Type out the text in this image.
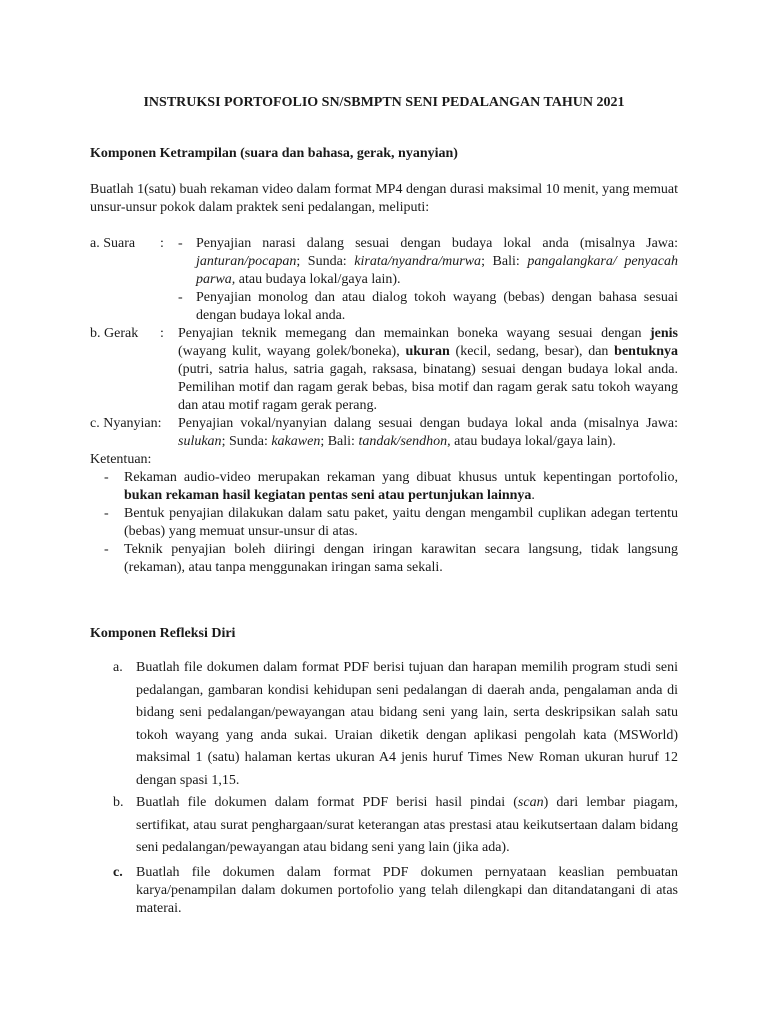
INSTRUKSI PORTOFOLIO SN/SBMPTN SENI PEDALANGAN TAHUN 2021
Komponen Ketrampilan (suara dan bahasa, gerak, nyanyian)
Buatlah 1(satu) buah rekaman video dalam format MP4 dengan durasi maksimal 10 menit, yang memuat unsur-unsur pokok dalam praktek seni pedalangan, meliputi:
a. Suara	:	- Penyajian narasi dalang sesuai dengan budaya lokal anda (misalnya Jawa: janturan/pocapan; Sunda: kirata/nyandra/murwa; Bali: pangalangkara/ penyacah parwa, atau budaya lokal/gaya lain).
- Penyajian monolog dan atau dialog tokoh wayang (bebas) dengan bahasa sesuai dengan budaya lokal anda.
b. Gerak	:	Penyajian teknik memegang dan memainkan boneka wayang sesuai dengan jenis (wayang kulit, wayang golek/boneka), ukuran (kecil, sedang, besar), dan bentuknya (putri, satria halus, satria gagah, raksasa, binatang) sesuai dengan budaya lokal anda. Pemilihan motif dan ragam gerak bebas, bisa motif dan ragam gerak satu tokoh wayang dan atau motif ragam gerak perang.
c. Nyanyian:	Penyajian vokal/nyanyian dalang sesuai dengan budaya lokal anda (misalnya Jawa: sulukan; Sunda: kakawen; Bali: tandak/sendhon, atau budaya lokal/gaya lain).
Ketentuan:
-	Rekaman audio-video merupakan rekaman yang dibuat khusus untuk kepentingan portofolio, bukan rekaman hasil kegiatan pentas seni atau pertunjukan lainnya.
-	Bentuk penyajian dilakukan dalam satu paket, yaitu dengan mengambil cuplikan adegan tertentu (bebas) yang memuat unsur-unsur di atas.
-	Teknik penyajian boleh diiringi dengan iringan karawitan secara langsung, tidak langsung (rekaman), atau tanpa menggunakan iringan sama sekali.
Komponen Refleksi Diri
a. Buatlah file dokumen dalam format PDF berisi tujuan dan harapan memilih program studi seni pedalangan, gambaran kondisi kehidupan seni pedalangan di daerah anda, pengalaman anda di bidang seni pedalangan/pewayangan atau bidang seni yang lain, serta deskripsikan salah satu tokoh wayang yang anda sukai. Uraian diketik dengan aplikasi pengolah kata (MSWorld) maksimal 1 (satu) halaman kertas ukuran A4 jenis huruf Times New Roman ukuran huruf 12 dengan spasi 1,15.
b. Buatlah file dokumen dalam format PDF berisi hasil pindai (scan) dari lembar piagam, sertifikat, atau surat penghargaan/surat keterangan atas prestasi atau keikutsertaan dalam bidang seni pedalangan/pewayangan atau bidang seni yang lain (jika ada).
c. Buatlah file dokumen dalam format PDF dokumen pernyataan keaslian pembuatan karya/penampilan dalam dokumen portofolio yang telah dilengkapi dan ditandatangani di atas materai.
